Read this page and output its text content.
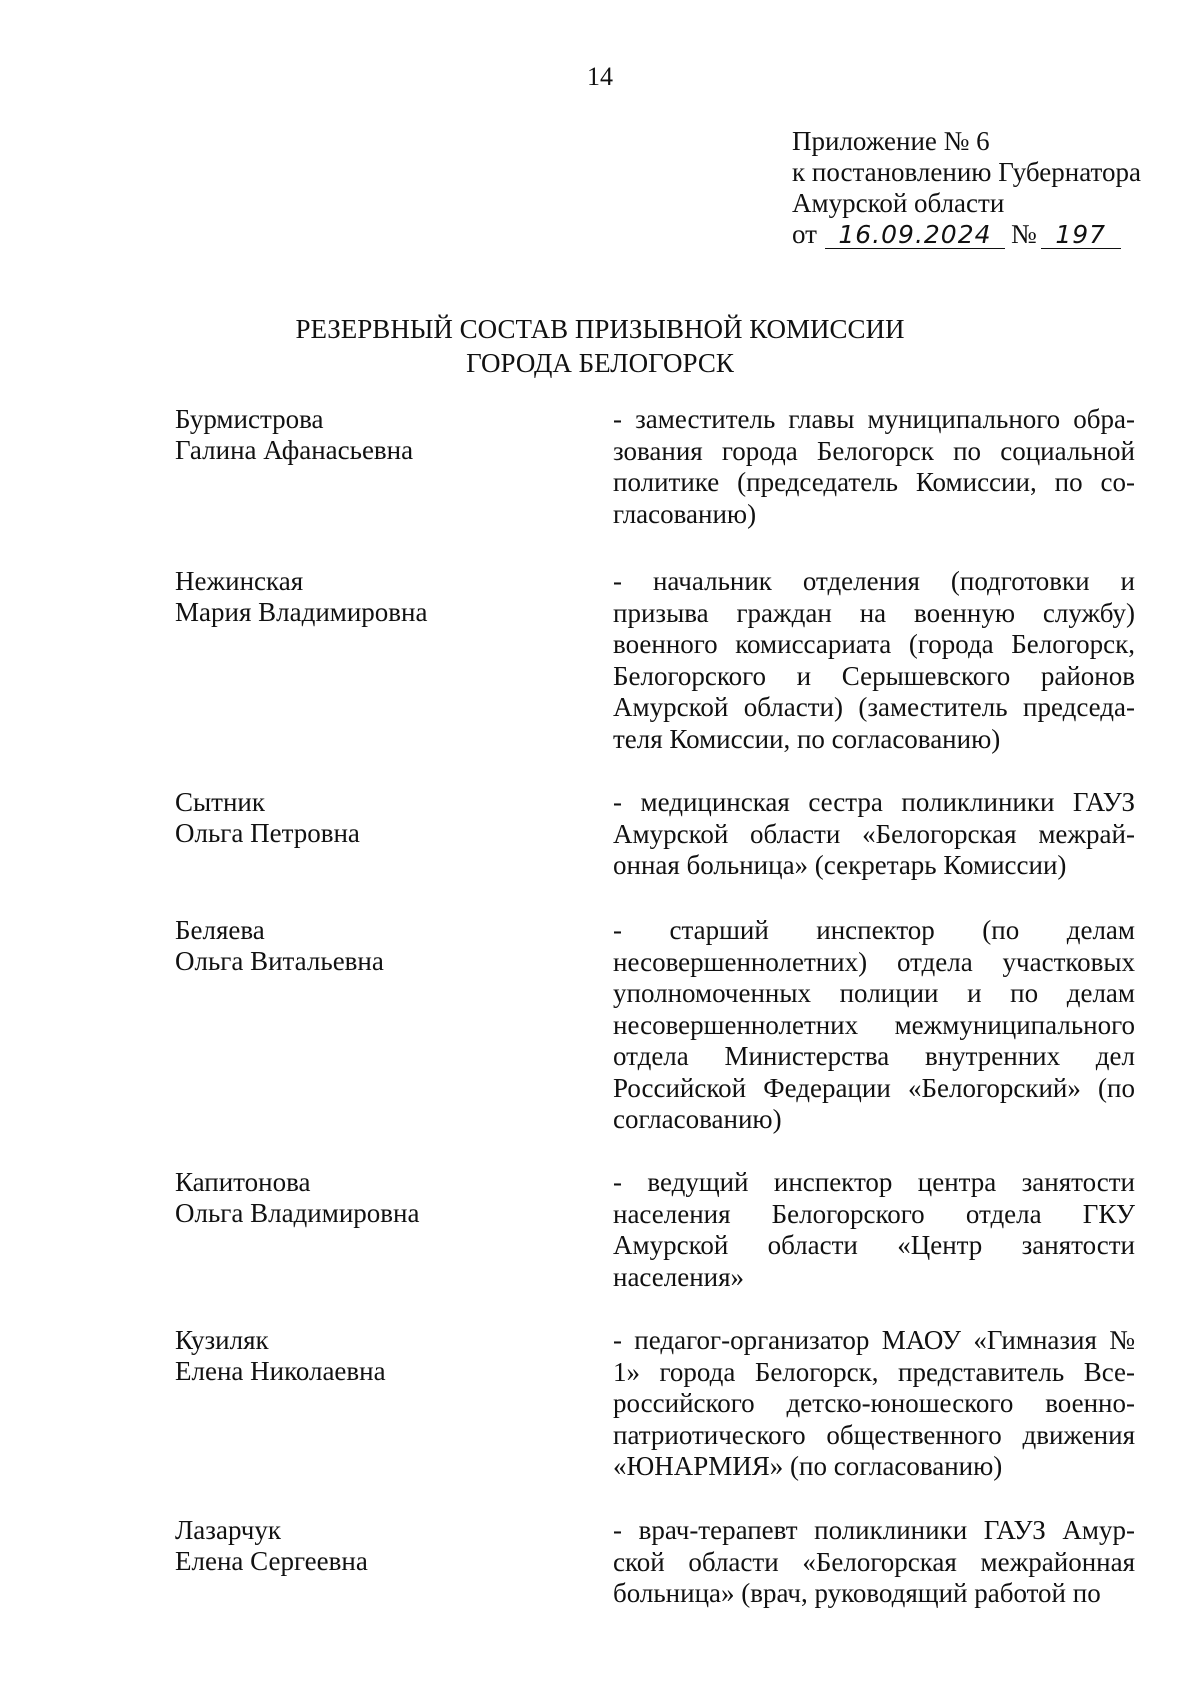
14
Приложение № 6
к постановлению Губернатора
Амурской области
от 16.09.2024 № 197
РЕЗЕРВНЫЙ СОСТАВ ПРИЗЫВНОЙ КОМИССИИ
ГОРОДА БЕЛОГОРСК
Бурмистрова
Галина Афанасьевна
- заместитель главы муниципального образования города Белогорск по социальной политике (председатель Комиссии, по согласованию)
Нежинская
Мария Владимировна
- начальник отделения (подготовки и призыва граждан на военную службу) военного комиссариата (города Белогорск, Белогорского и Серышевского районов Амурской области) (заместитель председателя Комиссии, по согласованию)
Сытник
Ольга Петровна
- медицинская сестра поликлиники ГАУЗ Амурской области «Белогорская межрайонная больница» (секретарь Комиссии)
Беляева
Ольга Витальевна
- старший инспектор (по делам несовершеннолетних) отдела участковых уполномоченных полиции и по делам несовершеннолетних межмуниципального отдела Министерства внутренних дел Российской Федерации «Белогорский» (по согласованию)
Капитонова
Ольга Владимировна
- ведущий инспектор центра занятости населения Белогорского отдела ГКУ Амурской области «Центр занятости населения»
Кузиляк
Елена Николаевна
- педагог-организатор МАОУ «Гимназия № 1» города Белогорск, представитель Всероссийского детско-юношеского военно-патриотического общественного движения «ЮНАРМИЯ» (по согласованию)
Лазарчук
Елена Сергеевна
- врач-терапевт поликлиники ГАУЗ Амурской области «Белогорская межрайонная больница» (врач, руководящий работой по
